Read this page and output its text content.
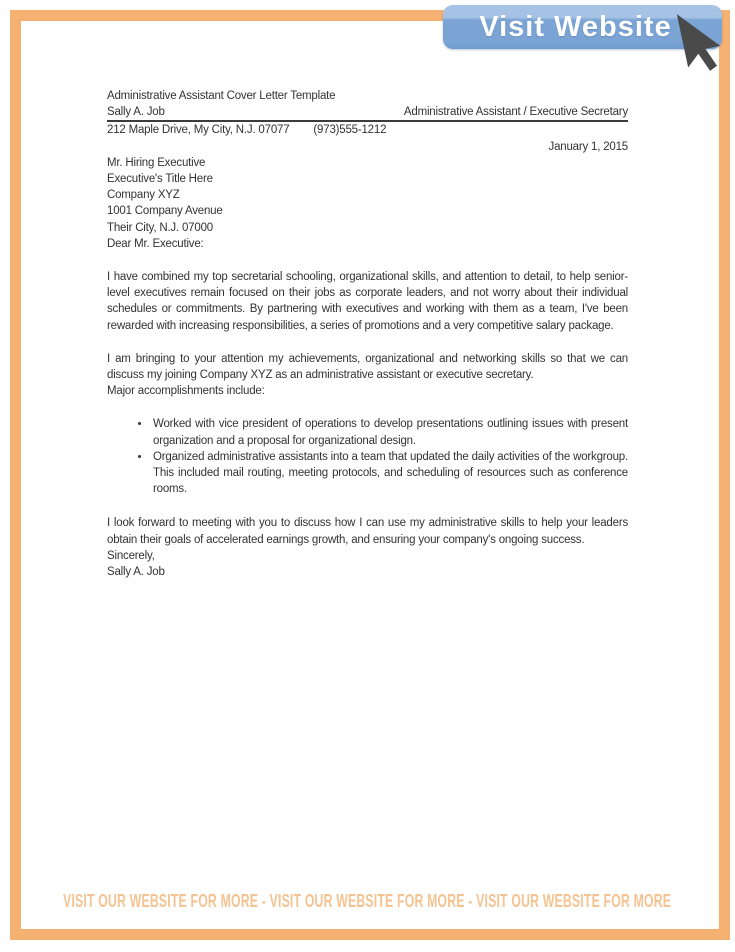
Visit Website
Administrative Assistant Cover Letter Template
Sally A. Job	Administrative Assistant / Executive Secretary
212 Maple Drive, My City, N.J. 07077 (973)555-1212
January 1, 2015
Mr. Hiring Executive
Executive's Title Here
Company XYZ
1001 Company Avenue
Their City, N.J. 07000
Dear Mr. Executive:

I have combined my top secretarial schooling, organizational skills, and attention to detail, to help senior-level executives remain focused on their jobs as corporate leaders, and not worry about their individual schedules or commitments. By partnering with executives and working with them as a team, I've been rewarded with increasing responsibilities, a series of promotions and a very competitive salary package.

I am bringing to your attention my achievements, organizational and networking skills so that we can discuss my joining Company XYZ as an administrative assistant or executive secretary.

Major accomplishments include:
• Worked with vice president of operations to develop presentations outlining issues with present organization and a proposal for organizational design.
• Organized administrative assistants into a team that updated the daily activities of the workgroup. This included mail routing, meeting protocols, and scheduling of resources such as conference rooms.

I look forward to meeting with you to discuss how I can use my administrative skills to help your leaders obtain their goals of accelerated earnings growth, and ensuring your company's ongoing success.

Sincerely,
Sally A. Job
VISIT OUR WEBSITE FOR MORE - VISIT OUR WEBSITE FOR MORE - VISIT OUR WEBSITE FOR MORE
